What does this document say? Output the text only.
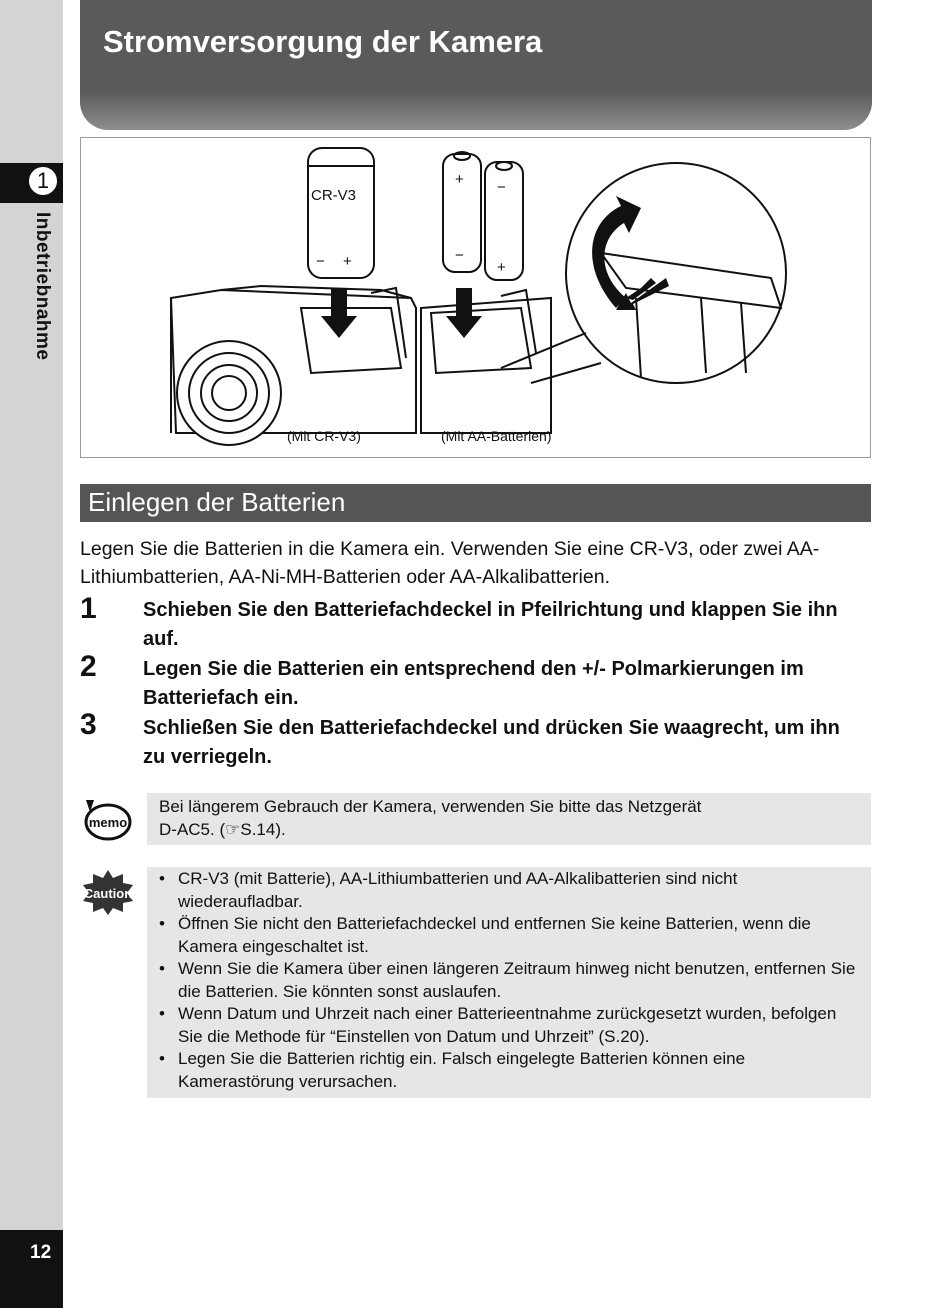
1
Inbetriebnahme
12
Stromversorgung der Kamera
CR-V3
− +
+
−
−
+
(Mit CR-V3)	(Mit AA-Batterien)
Einlegen der Batterien
Legen Sie die Batterien in die Kamera ein. Verwenden Sie eine CR-V3, oder zwei AA-Lithiumbatterien, AA-Ni-MH-Batterien oder AA-Alkalibatterien.
1 Schieben Sie den Batteriefachdeckel in Pfeilrichtung und klappen Sie ihn auf.
2 Legen Sie die Batterien ein entsprechend den +/- Polmarkierungen im Batteriefach ein.
3 Schließen Sie den Batteriefachdeckel und drücken Sie waagrecht, um ihn zu verriegeln.
memo
Bei längerem Gebrauch der Kamera, verwenden Sie bitte das Netzgerät
D-AC5. (☞S.14).
Caution
• CR-V3 (mit Batterie), AA-Lithiumbatterien und AA-Alkalibatterien sind nicht wiederaufladbar.
• Öffnen Sie nicht den Batteriefachdeckel und entfernen Sie keine Batterien, wenn die Kamera eingeschaltet ist.
• Wenn Sie die Kamera über einen längeren Zeitraum hinweg nicht benutzen, entfernen Sie die Batterien. Sie könnten sonst auslaufen.
• Wenn Datum und Uhrzeit nach einer Batterieentnahme zurückgesetzt wurden, befolgen Sie die Methode für “Einstellen von Datum und Uhrzeit” (S.20).
• Legen Sie die Batterien richtig ein. Falsch eingelegte Batterien können eine Kamerastörung verursachen.
